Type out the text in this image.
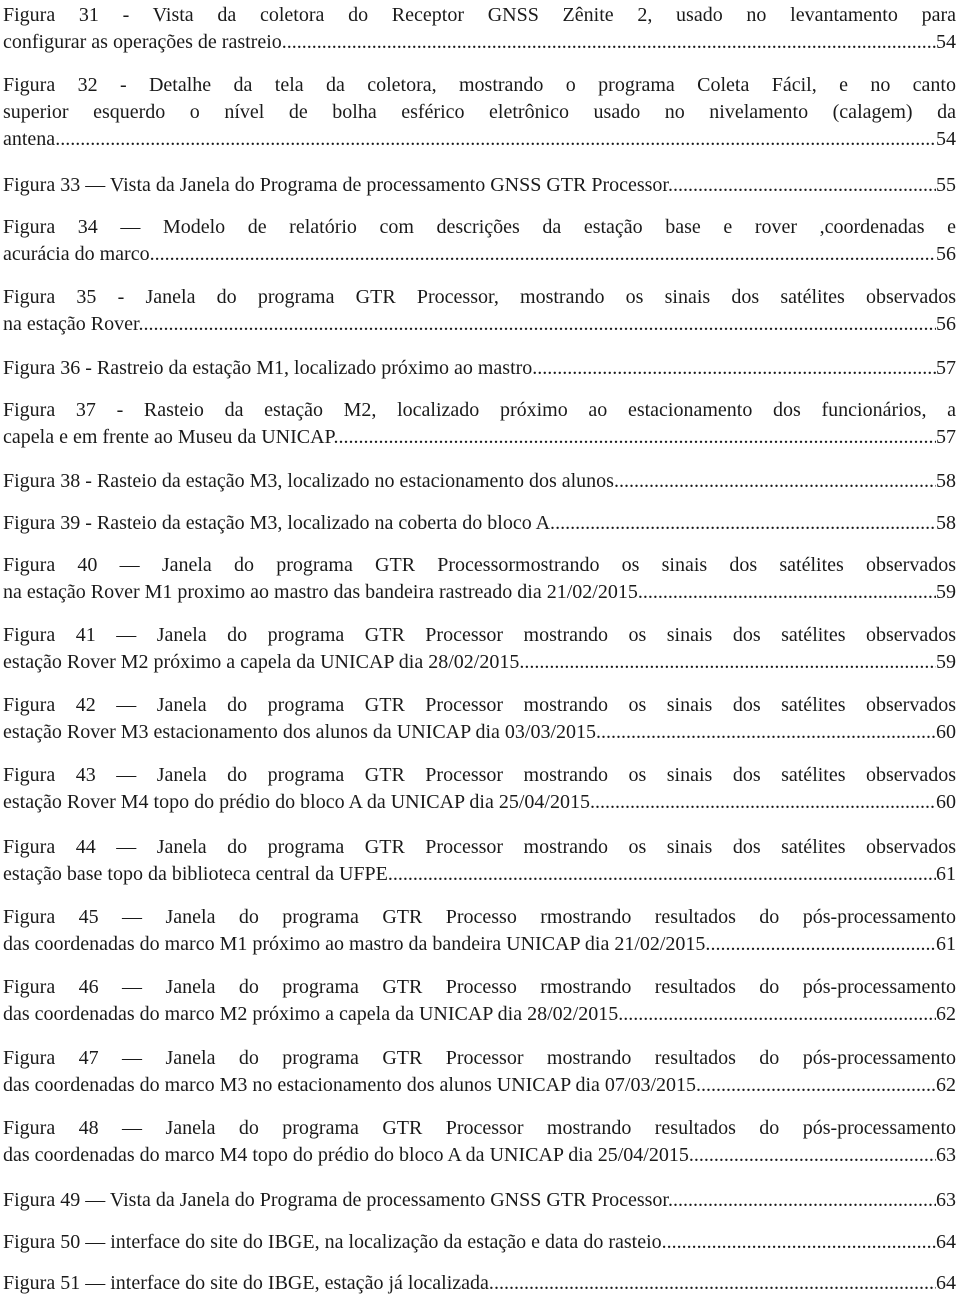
Figura 31 - Vista da coletora do Receptor GNSS Zênite 2, usado no levantamento para
configurar as operações de rastreio. .....	54
Figura 32 - Detalhe da tela da coletora, mostrando o programa Coleta Fácil, e no canto
superior esquerdo o nível de bolha esférico eletrônico usado no nivelamento (calagem) da
antena. .....	54
Figura 33 — Vista da Janela do Programa de processamento GNSS GTR Processor. .....	55
Figura 34 — Modelo de relatório com descrições da estação base e rover ,coordenadas e
acurácia do marco. .....	56
Figura 35 - Janela do programa GTR Processor, mostrando os sinais dos satélites observados
na estação Rover. .....	56
Figura 36 - Rastreio da estação M1, localizado próximo ao mastro. .....	57
Figura 37 - Rasteio da estação M2, localizado próximo ao estacionamento dos funcionários, a
capela e em frente ao Museu da UNICAP. .....	57
Figura 38 - Rasteio da estação M3, localizado no estacionamento dos alunos. .....	58
Figura 39 - Rasteio da estação M3, localizado na coberta do bloco A. .....	58
Figura 40 — Janela do programa GTR Processormostrando os sinais dos satélites observados
na estação Rover M1 proximo ao mastro das bandeira rastreado dia 21/02/2015. .....	59
Figura 41 — Janela do programa GTR Processor mostrando os sinais dos satélites observados
estação Rover M2 próximo a capela da UNICAP dia 28/02/2015. .....	59
Figura 42 — Janela do programa GTR Processor mostrando os sinais dos satélites observados
estação Rover M3 estacionamento dos alunos da UNICAP dia 03/03/2015. .....	60
Figura 43 — Janela do programa GTR Processor mostrando os sinais dos satélites observados
estação Rover M4 topo do prédio do bloco A da UNICAP dia 25/04/2015. .....	60
Figura 44 — Janela do programa GTR Processor mostrando os sinais dos satélites observados
estação base topo da biblioteca central da UFPE. .....	61
Figura 45 — Janela do programa GTR Processo rmostrando resultados do pós-processamento
das coordenadas do marco M1 próximo ao mastro da bandeira UNICAP dia 21/02/2015. .....	61
Figura 46 — Janela do programa GTR Processo rmostrando resultados do pós-processamento
das coordenadas do marco M2 próximo a capela da UNICAP dia 28/02/2015. .....	62
Figura 47 — Janela do programa GTR Processor mostrando resultados do pós-processamento
das coordenadas do marco M3 no estacionamento dos alunos UNICAP dia 07/03/2015. .....	62
Figura 48 — Janela do programa GTR Processor mostrando resultados do pós-processamento
das coordenadas do marco M4 topo do prédio do bloco A da UNICAP dia 25/04/2015. .....	63
Figura 49 — Vista da Janela do Programa de processamento GNSS GTR Processor. .....	63
Figura 50 — interface do site do IBGE, na localização da estação e data do rasteio. .....	64
Figura 51 — interface do site do IBGE, estação já localizada. .....	64
